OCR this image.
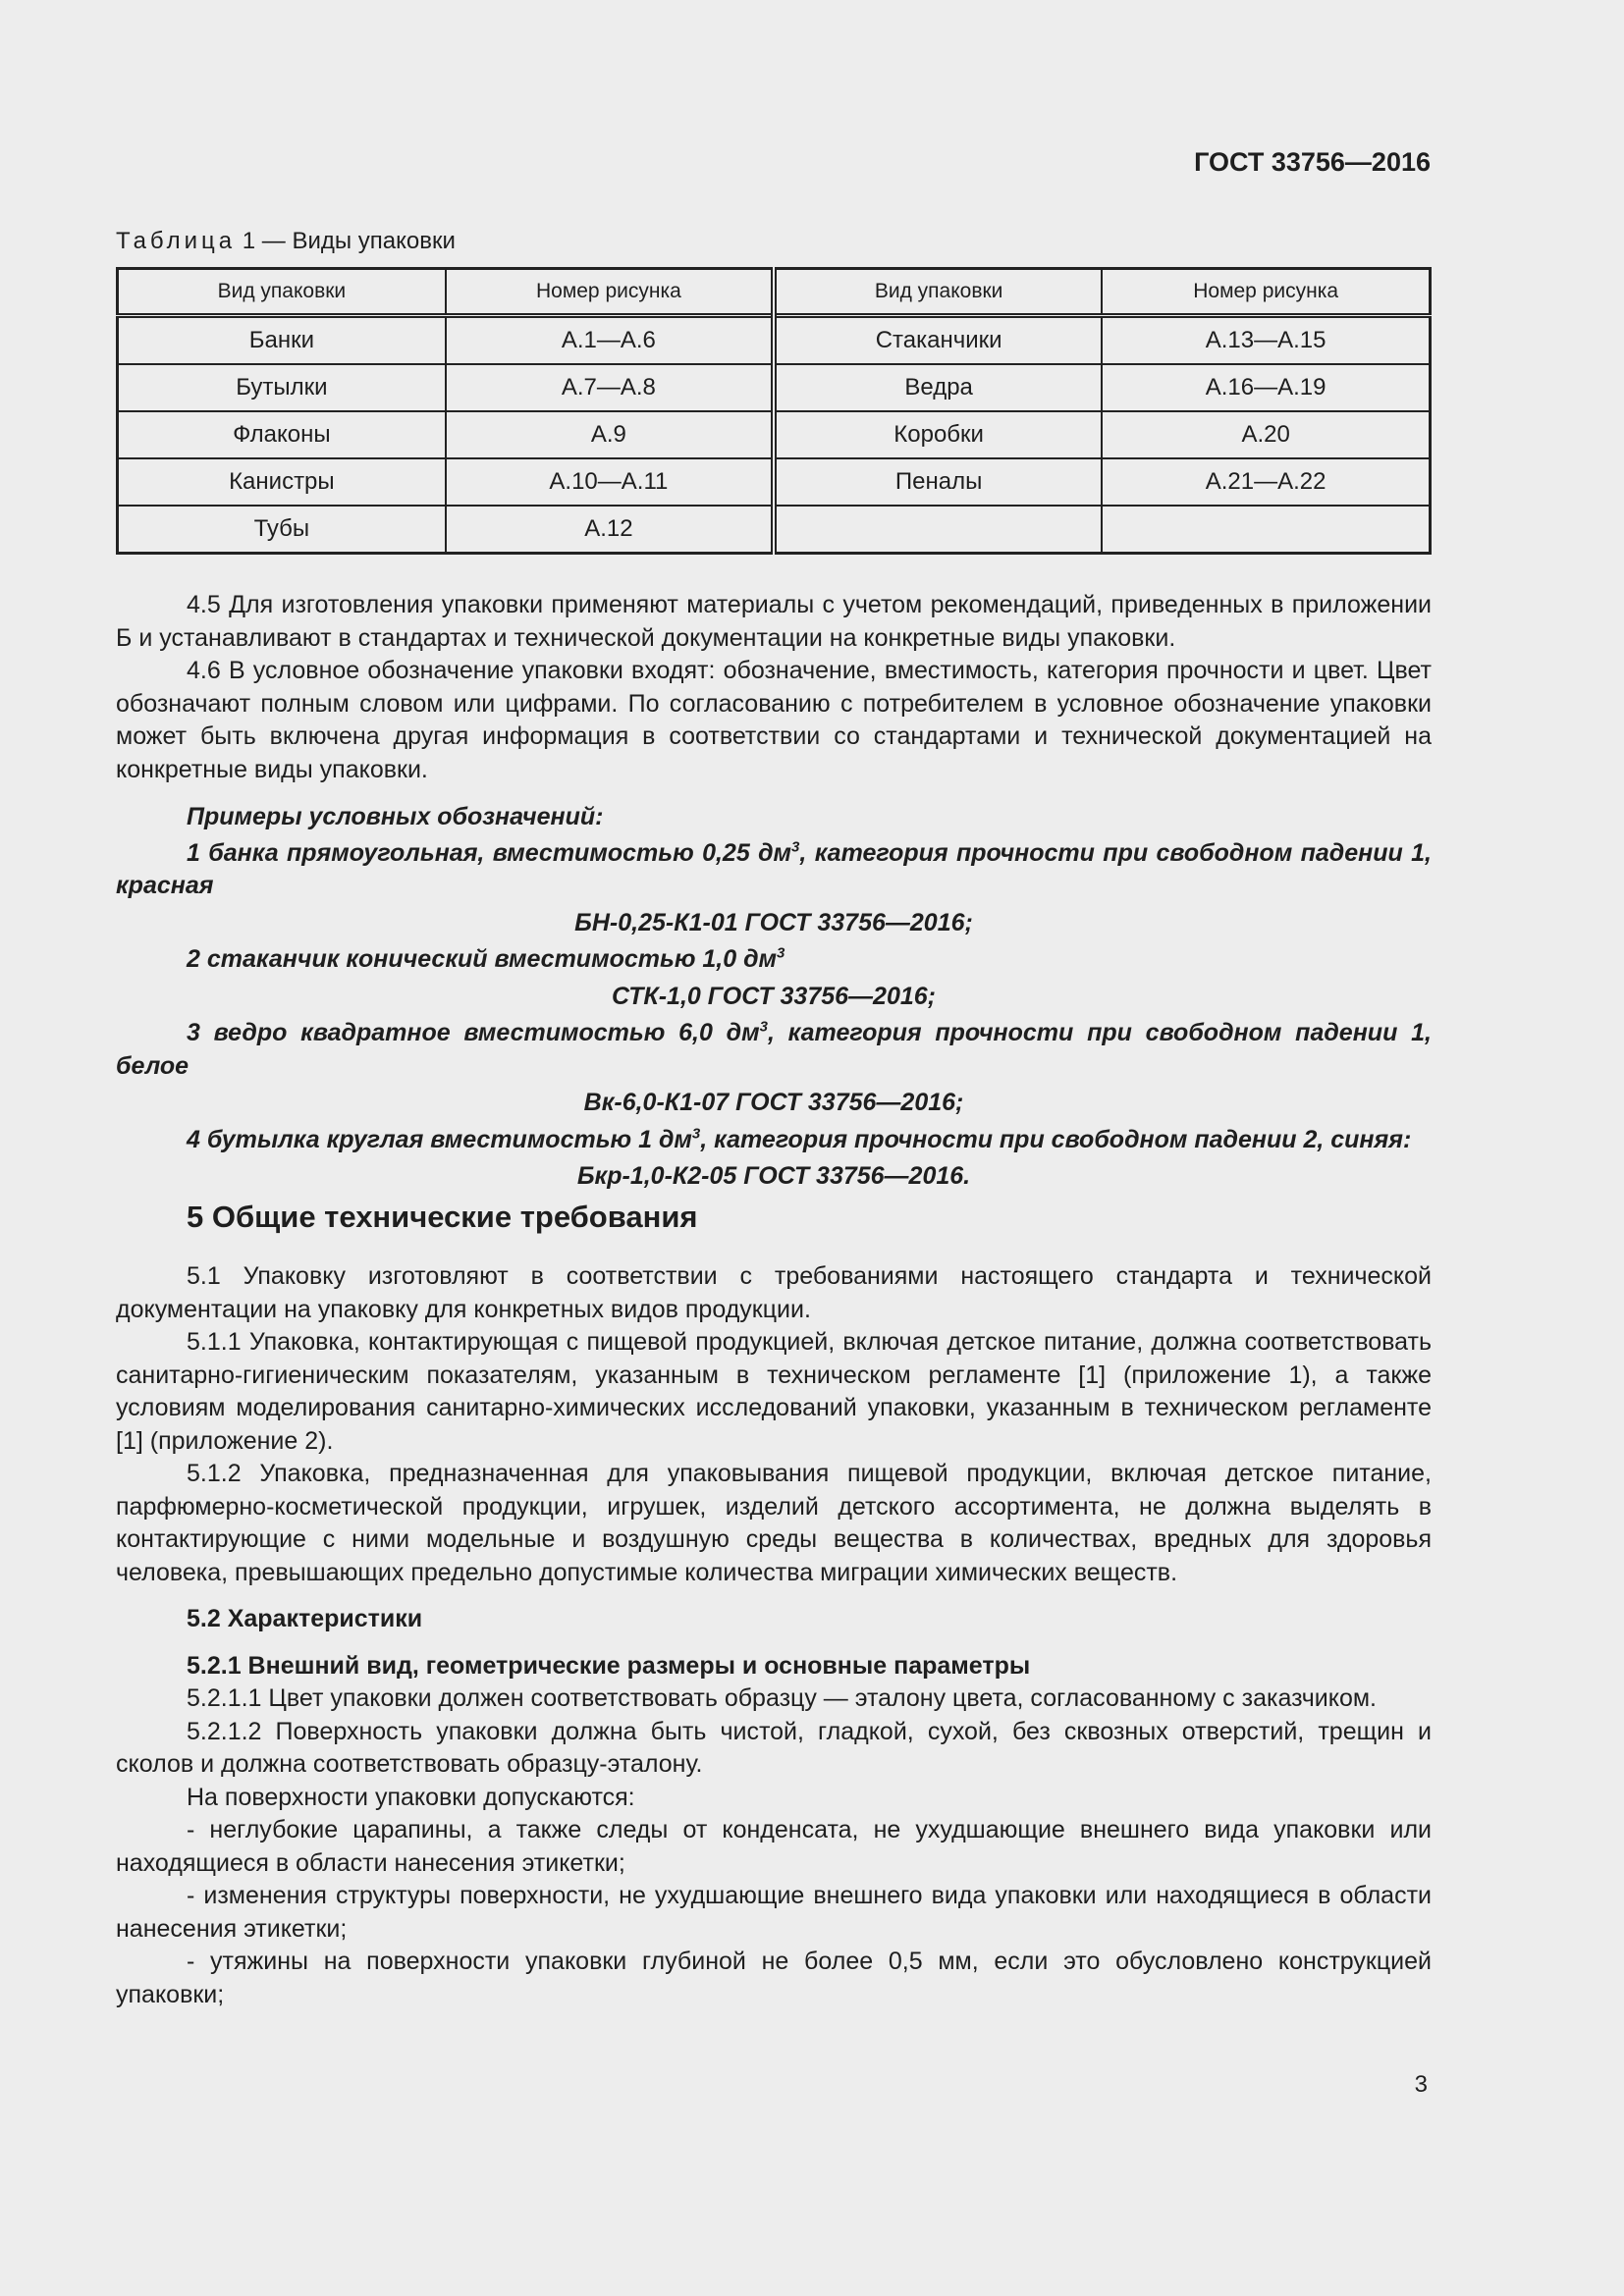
ГОСТ 33756—2016
Таблица 1 — Виды упаковки
Вид упаковки	Номер рисунка	Вид упаковки	Номер рисунка
Банки	А.1—А.6	Стаканчики	А.13—А.15
Бутылки	А.7—А.8	Ведра	А.16—А.19
Флаконы	А.9	Коробки	А.20
Канистры	А.10—А.11	Пеналы	А.21—А.22
Тубы	А.12		

4.5 Для изготовления упаковки применяют материалы с учетом рекомендаций, приведенных в приложении Б и устанавливают в стандартах и технической документации на конкретные виды упаковки.

4.6 В условное обозначение упаковки входят: обозначение, вместимость, категория прочности и цвет. Цвет обозначают полным словом или цифрами. По согласованию с потребителем в условное обозначение упаковки может быть включена другая информация в соответствии со стандартами и технической документацией на конкретные виды упаковки.

Примеры условных обозначений:

1 банка прямоугольная, вместимостью 0,25 $дм^3$, категория прочности при свободном падении 1, красная

БН-0,25-К1-01 ГОСТ 33756—2016;

2 стаканчик конический вместимостью 1,0 $дм^3$

СТК-1,0 ГОСТ 33756—2016;

3 ведро квадратное вместимостью 6,0 $дм^3$, категория прочности при свободном падении 1, белое

Вк-6,0-К1-07 ГОСТ 33756—2016;

4 бутылка круглая вместимостью 1 $дм^3$, категория прочности при свободном падении 2, синяя:

Бкр-1,0-К2-05 ГОСТ 33756—2016.

5 Общие технические требования

5.1 Упаковку изготовляют в соответствии с требованиями настоящего стандарта и технической документации на упаковку для конкретных видов продукции.

5.1.1 Упаковка, контактирующая с пищевой продукцией, включая детское питание, должна соответствовать санитарно-гигиеническим показателям, указанным в техническом регламенте [1] (приложение 1), а также условиям моделирования санитарно-химических исследований упаковки, указанным в техническом регламенте [1] (приложение 2).

5.1.2 Упаковка, предназначенная для упаковывания пищевой продукции, включая детское питание, парфюмерно-косметической продукции, игрушек, изделий детского ассортимента, не должна выделять в контактирующие с ними модельные и воздушную среды вещества в количествах, вредных для здоровья человека, превышающих предельно допустимые количества миграции химических веществ.

5.2 Характеристики

5.2.1 Внешний вид, геометрические размеры и основные параметры

5.2.1.1 Цвет упаковки должен соответствовать образцу — эталону цвета, согласованному с заказчиком.

5.2.1.2 Поверхность упаковки должна быть чистой, гладкой, сухой, без сквозных отверстий, трещин и сколов и должна соответствовать образцу-эталону.

На поверхности упаковки допускаются:

- неглубокие царапины, а также следы от конденсата, не ухудшающие внешнего вида упаковки или находящиеся в области нанесения этикетки;

- изменения структуры поверхности, не ухудшающие внешнего вида упаковки или находящиеся в области нанесения этикетки;

- утяжины на поверхности упаковки глубиной не более 0,5 мм, если это обусловлено конструкцией упаковки;

3
